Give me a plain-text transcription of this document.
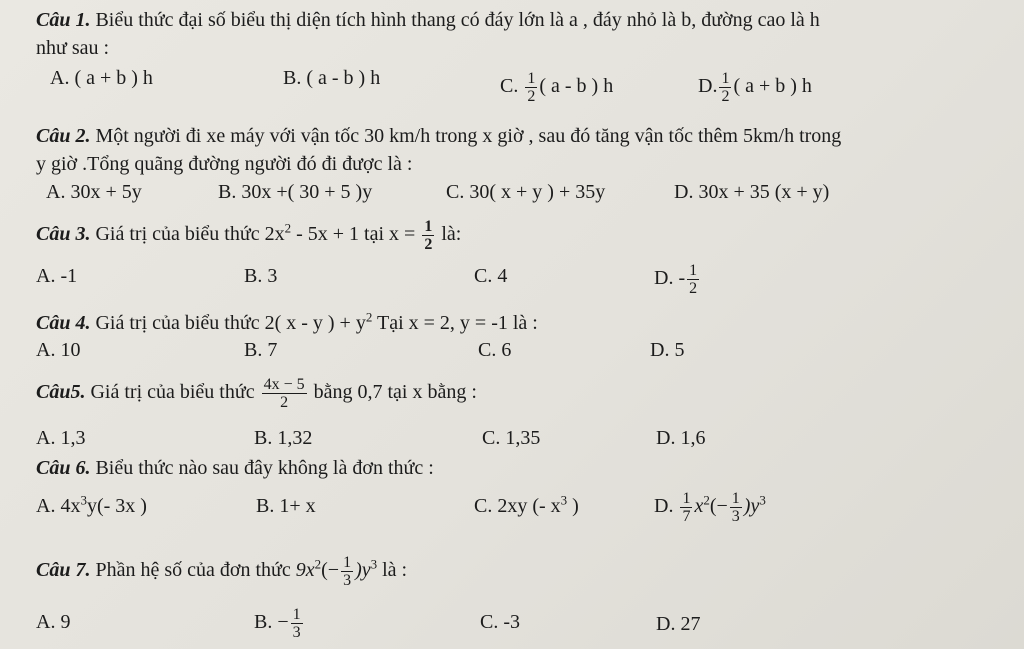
Câu 1. Biểu thức đại số biểu thị diện tích hình thang có đáy lớn là a , đáy nhỏ là b, đường cao là h
như sau :
A. ( a + b ) h	B. ( a - b ) h	C. $\frac{1}{2}$ ( a - b ) h	D. $\frac{1}{2}$ ( a + b ) h
Câu 2. Một người đi xe máy với vận tốc 30 km/h trong x giờ , sau đó tăng vận tốc thêm 5km/h trong
y giờ .Tổng quãng đường người đó đi được là :
A. 30x + 5y	B. 30x +( 30 + 5 )y	C. 30( x + y ) + 35y	D. 30x + 35 (x + y)
Câu 3. Giá trị của biểu thức $2x^2 - 5x + 1$ tại $x = \frac{1}{2}$ là:
A. -1	B. 3	C. 4	D. - $\frac{1}{2}$
Câu 4. Giá trị của biểu thức 2( x - y ) + $y^2$ Tại x = 2, y = -1 là :
A. 10	B. 7	C. 6	D. 5
Câu5. Giá trị của biểu thức $\frac{4x - 5}{2}$ bằng 0,7 tại x bằng :
A. 1,3	B. 1,32	C. 1,35	D. 1,6
Câu 6. Biểu thức nào sau đây không là đơn thức :
A. $4x^3y(-$ 3x )	B. 1+ x	C. 2xy (- $x^3$ )	D. $\frac{1}{7} x^2(- \frac{1}{3} )y^3$
Câu 7. Phần hệ số của đơn thức $9x^2(- \frac{1}{3} )y^3$ là :
A. 9	B. − $\frac{1}{3}$	C. -3	D. 27
